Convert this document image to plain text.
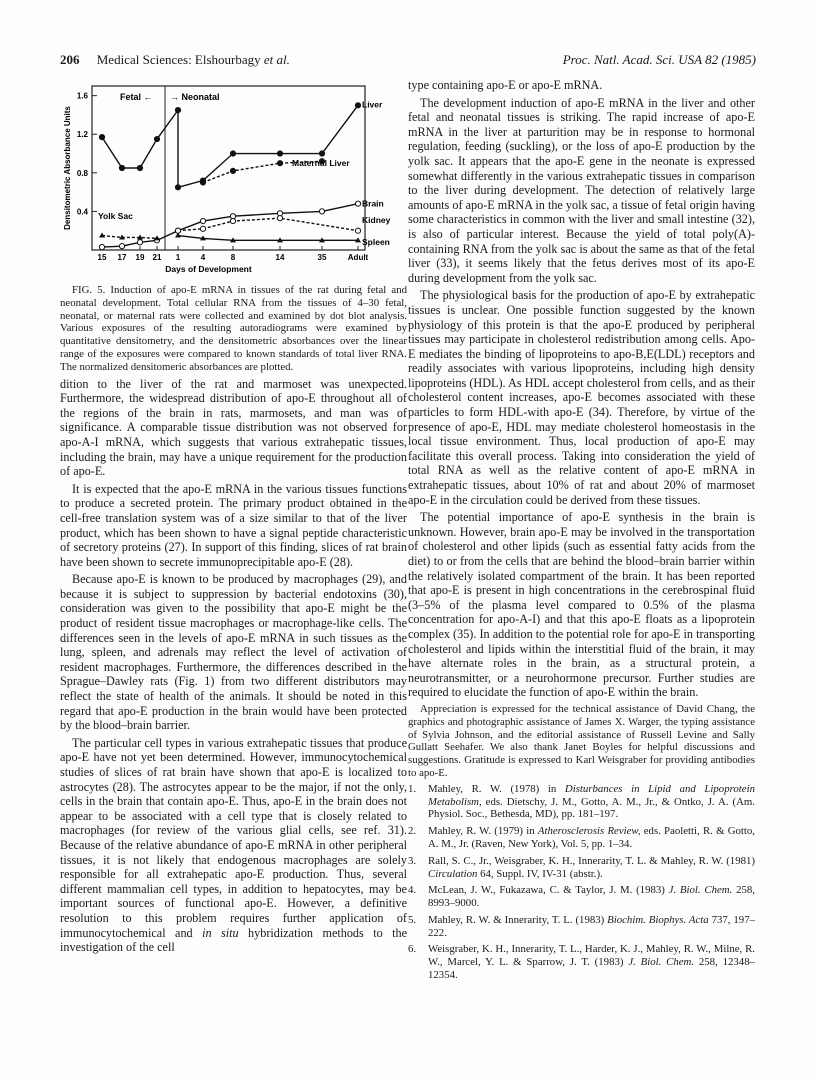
206 Medical Sciences: Elshourbagy et al.	Proc. Natl. Acad. Sci. USA 82 (1985)
0.4
0.8
1.2
1.6
15 17 19 21 1	4	8	14	35	Adult
Days of Development
Densitometric Absorbance Units
Fetal ← → Neonatal
Liver
Maternal Liver
Brain
Kidney
Yolk Sac
Spleen

FIG. 5. Induction of apo-E mRNA in tissues of the rat during fetal and neonatal development. Total cellular RNA from the tissues of 4–30 fetal, neonatal, or maternal rats were collected and examined by dot blot analysis. Various exposures of the resulting autoradiograms were examined by quantitative densitometry, and the densitometric absorbances over the linear range of the exposures were compared to known standards of total liver RNA. The normalized densitomeric absorbances are plotted.

dition to the liver of the rat and marmoset was unexpected. Furthermore, the widespread distribution of apo-E throughout all of the regions of the brain in rats, marmosets, and man was of significance. A comparable tissue distribution was not observed for apo-A-I mRNA, which suggests that various extrahepatic tissues, including the brain, may have a unique requirement for the production of apo-E.

It is expected that the apo-E mRNA in the various tissues functions to produce a secreted protein. The primary product obtained in the cell-free translation system was of a size similar to that of the liver product, which has been shown to have a signal peptide characteristic of secretory proteins (27). In support of this finding, slices of rat brain have been shown to secrete immunoprecipitable apo-E (28).

Because apo-E is known to be produced by macrophages (29), and because it is subject to suppression by bacterial endotoxins (30), consideration was given to the possibility that apo-E might be the product of resident tissue macrophages or macrophage-like cells. The differences seen in the levels of apo-E mRNA in such tissues as the lung, spleen, and adrenals may reflect the level of activation of resident macrophages. Furthermore, the differences described in the Sprague–Dawley rats (Fig. 1) from two different distributors may reflect the state of health of the animals. It should be noted in this regard that apo-E production in the brain would have been protected by the blood–brain barrier.

The particular cell types in various extrahepatic tissues that produce apo-E have not yet been determined. However, immunocytochemical studies of slices of rat brain have shown that apo-E is localized to astrocytes (28). The astrocytes appear to be the major, if not the only, cells in the brain that contain apo-E. Thus, apo-E in the brain does not appear to be associated with a cell type that is closely related to macrophages (for review of the various glial cells, see ref. 31). Because of the relative abundance of apo-E mRNA in other peripheral tissues, it is not likely that endogenous macrophages are solely responsible for all extrahepatic apo-E production. Thus, several different mammalian cell types, in addition to hepatocytes, may be important sources of functional apo-E. However, a definitive resolution to this problem requires further application of immunocytochemical and in situ hybridization methods to the investigation of the cell

type containing apo-E or apo-E mRNA.

The development induction of apo-E mRNA in the liver and other fetal and neonatal tissues is striking. The rapid increase of apo-E mRNA in the liver at parturition may be in response to hormonal regulation, feeding (suckling), or the loss of apo-E production by the yolk sac. It appears that the apo-E gene in the neonate is expressed somewhat differently in the various extrahepatic tissues in comparison to the liver during development. The detection of relatively large amounts of apo-E mRNA in the yolk sac, a tissue of fetal origin having some characteristics in common with the liver and small intestine (32), is also of particular interest. Because the yield of total poly(A)-containing RNA from the yolk sac is about the same as that of the fetal liver (33), it seems likely that the fetus derives most of its apo-E during development from the yolk sac.

The physiological basis for the production of apo-E by extrahepatic tissues is unclear. One possible function suggested by the known physiology of this protein is that the apo-E produced by peripheral tissues may participate in cholesterol redistribution among cells. Apo-E mediates the binding of lipoproteins to apo-B,E(LDL) receptors and readily associates with various lipoproteins, including high density lipoproteins (HDL). As HDL accept cholesterol from cells, and as their cholesterol content increases, apo-E becomes associated with these particles to form HDL-with apo-E (34). Therefore, by virtue of the presence of apo-E, HDL may mediate cholesterol homeostasis in the local tissue environment. Thus, local production of apo-E may facilitate this overall process. Taking into consideration the yield of total RNA as well as the relative content of apo-E mRNA in extrahepatic tissues, about 10% of rat and about 20% of marmoset apo-E in the circulation could be derived from these tissues.

The potential importance of apo-E synthesis in the brain is unknown. However, brain apo-E may be involved in the transportation of cholesterol and other lipids (such as essential fatty acids from the diet) to or from the cells that are behind the blood–brain barrier within the relatively isolated compartment of the brain. It has been reported that apo-E is present in high concentrations in the cerebrospinal fluid (3–5% of the plasma level compared to 0.5% of the plasma concentration for apo-A-I) and that this apo-E floats as a lipoprotein complex (35). In addition to the potential role for apo-E in transporting cholesterol and lipids within the interstitial fluid of the brain, it may have alternate roles in the brain, as a structural protein, a neurotransmitter, or a neurohormone precursor. Further studies are required to elucidate the function of apo-E within the brain.

Appreciation is expressed for the technical assistance of David Chang, the graphics and photographic assistance of James X. Warger, the typing assistance of Sylvia Johnson, and the editorial assistance of Russell Levine and Sally Gullatt Seehafer. We also thank Janet Boyles for helpful discussions and suggestions. Gratitude is expressed to Karl Weisgraber for providing antibodies to apo-E.

1. Mahley, R. W. (1978) in Disturbances in Lipid and Lipoprotein Metabolism, eds. Dietschy, J. M., Gotto, A. M., Jr., & Ontko, J. A. (Am. Physiol. Soc., Bethesda, MD), pp. 181–197.
2. Mahley, R. W. (1979) in Atherosclerosis Review, eds. Paoletti, R. & Gotto, A. M., Jr. (Raven, New York), Vol. 5, pp. 1–34.
3. Rall, S. C., Jr., Weisgraber, K. H., Innerarity, T. L. & Mahley, R. W. (1981) Circulation 64, Suppl. IV, IV-31 (abstr.).
4. McLean, J. W., Fukazawa, C. & Taylor, J. M. (1983) J. Biol. Chem. 258, 8993–9000.
5. Mahley, R. W. & Innerarity, T. L. (1983) Biochim. Biophys. Acta 737, 197–222.
6. Weisgraber, K. H., Innerarity, T. L., Harder, K. J., Mahley, R. W., Milne, R. W., Marcel, Y. L. & Sparrow, J. T. (1983) J. Biol. Chem. 258, 12348–12354.
